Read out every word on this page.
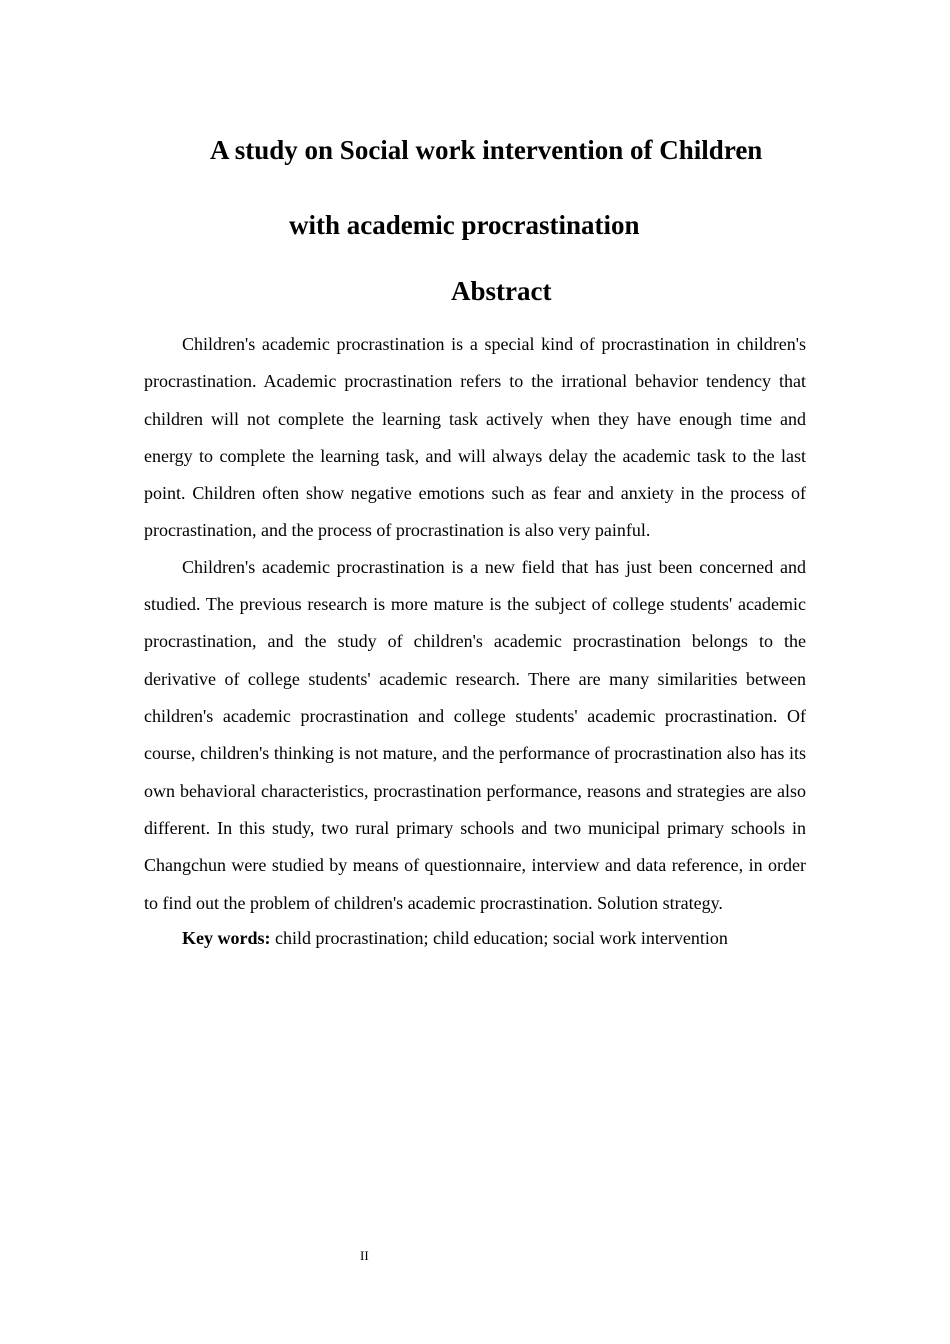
A study on Social work intervention of Children
with academic procrastination
Abstract

Children's academic procrastination is a special kind of procrastination in children's procrastination. Academic procrastination refers to the irrational behavior tendency that children will not complete the learning task actively when they have enough time and energy to complete the learning task, and will always delay the academic task to the last point. Children often show negative emotions such as fear and anxiety in the process of procrastination, and the process of procrastination is also very painful.

Children's academic procrastination is a new field that has just been concerned and studied. The previous research is more mature is the subject of college students' academic procrastination, and the study of children's academic procrastination belongs to the derivative of college students' academic research. There are many similarities between children's academic procrastination and college students' academic procrastination. Of course, children's thinking is not mature, and the performance of procrastination also has its own behavioral characteristics, procrastination performance, reasons and strategies are also different. In this study, two rural primary schools and two municipal primary schools in Changchun were studied by means of questionnaire, interview and data reference, in order to find out the problem of children's academic procrastination. Solution strategy.

Key words: child procrastination; child education; social work intervention

II
